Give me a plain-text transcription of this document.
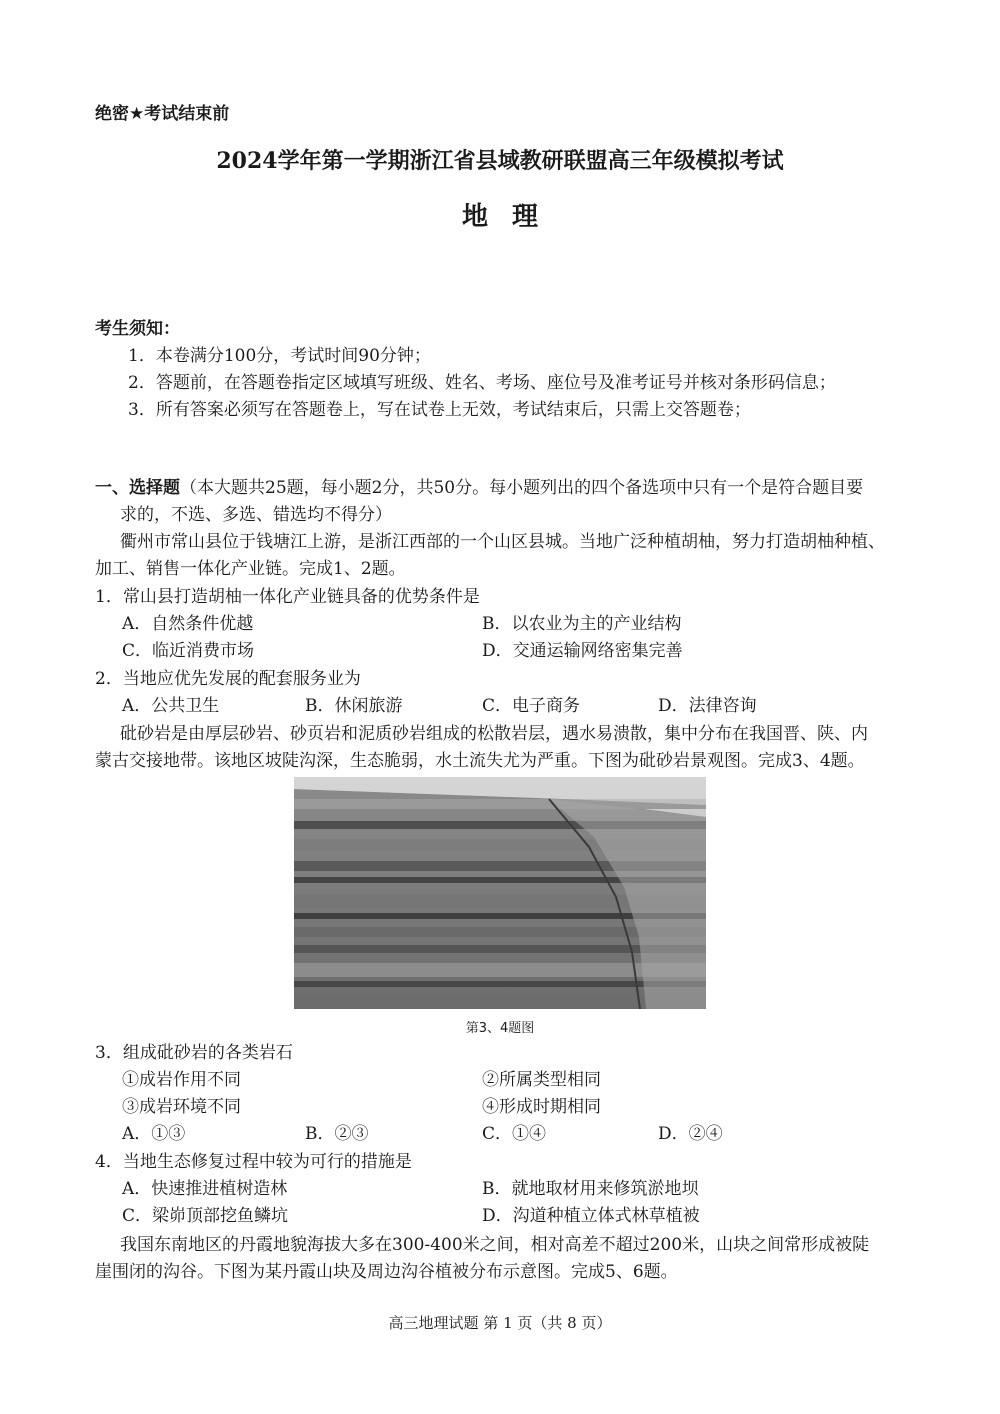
绝密★考试结束前
2024学年第一学期浙江省县域教研联盟高三年级模拟考试
地理
考生须知：
1．本卷满分100分，考试时间90分钟；
2．答题前，在答题卷指定区域填写班级、姓名、考场、座位号及准考证号并核对条形码信息；
3．所有答案必须写在答题卷上，写在试卷上无效，考试结束后，只需上交答题卷；
一、选择题（本大题共25题，每小题2分，共50分。每小题列出的四个备选项中只有一个是符合题目要
求的，不选、多选、错选均不得分）
衢州市常山县位于钱塘江上游，是浙江西部的一个山区县城。当地广泛种植胡柚，努力打造胡柚种植、
加工、销售一体化产业链。完成1、2题。
1．常山县打造胡柚一体化产业链具备的优势条件是
A．自然条件优越	B．以农业为主的产业结构
C．临近消费市场	D．交通运输网络密集完善
2．当地应优先发展的配套服务业为
A．公共卫生	B．休闲旅游	C．电子商务	D．法律咨询
砒砂岩是由厚层砂岩、砂页岩和泥质砂岩组成的松散岩层，遇水易溃散，集中分布在我国晋、陕、内
蒙古交接地带。该地区坡陡沟深，生态脆弱，水土流失尤为严重。下图为砒砂岩景观图。完成3、4题。
第3、4题图
3．组成砒砂岩的各类岩石
①成岩作用不同	②所属类型相同
③成岩环境不同	④形成时期相同
A．①③	B．②③	C．①④	D．②④
4．当地生态修复过程中较为可行的措施是
A．快速推进植树造林	B．就地取材用来修筑淤地坝
C．梁峁顶部挖鱼鳞坑	D．沟道种植立体式林草植被
我国东南地区的丹霞地貌海拔大多在300-400米之间，相对高差不超过200米，山块之间常形成被陡
崖围闭的沟谷。下图为某丹霞山块及周边沟谷植被分布示意图。完成5、6题。
高三地理试题 第 1 页（共 8 页）
